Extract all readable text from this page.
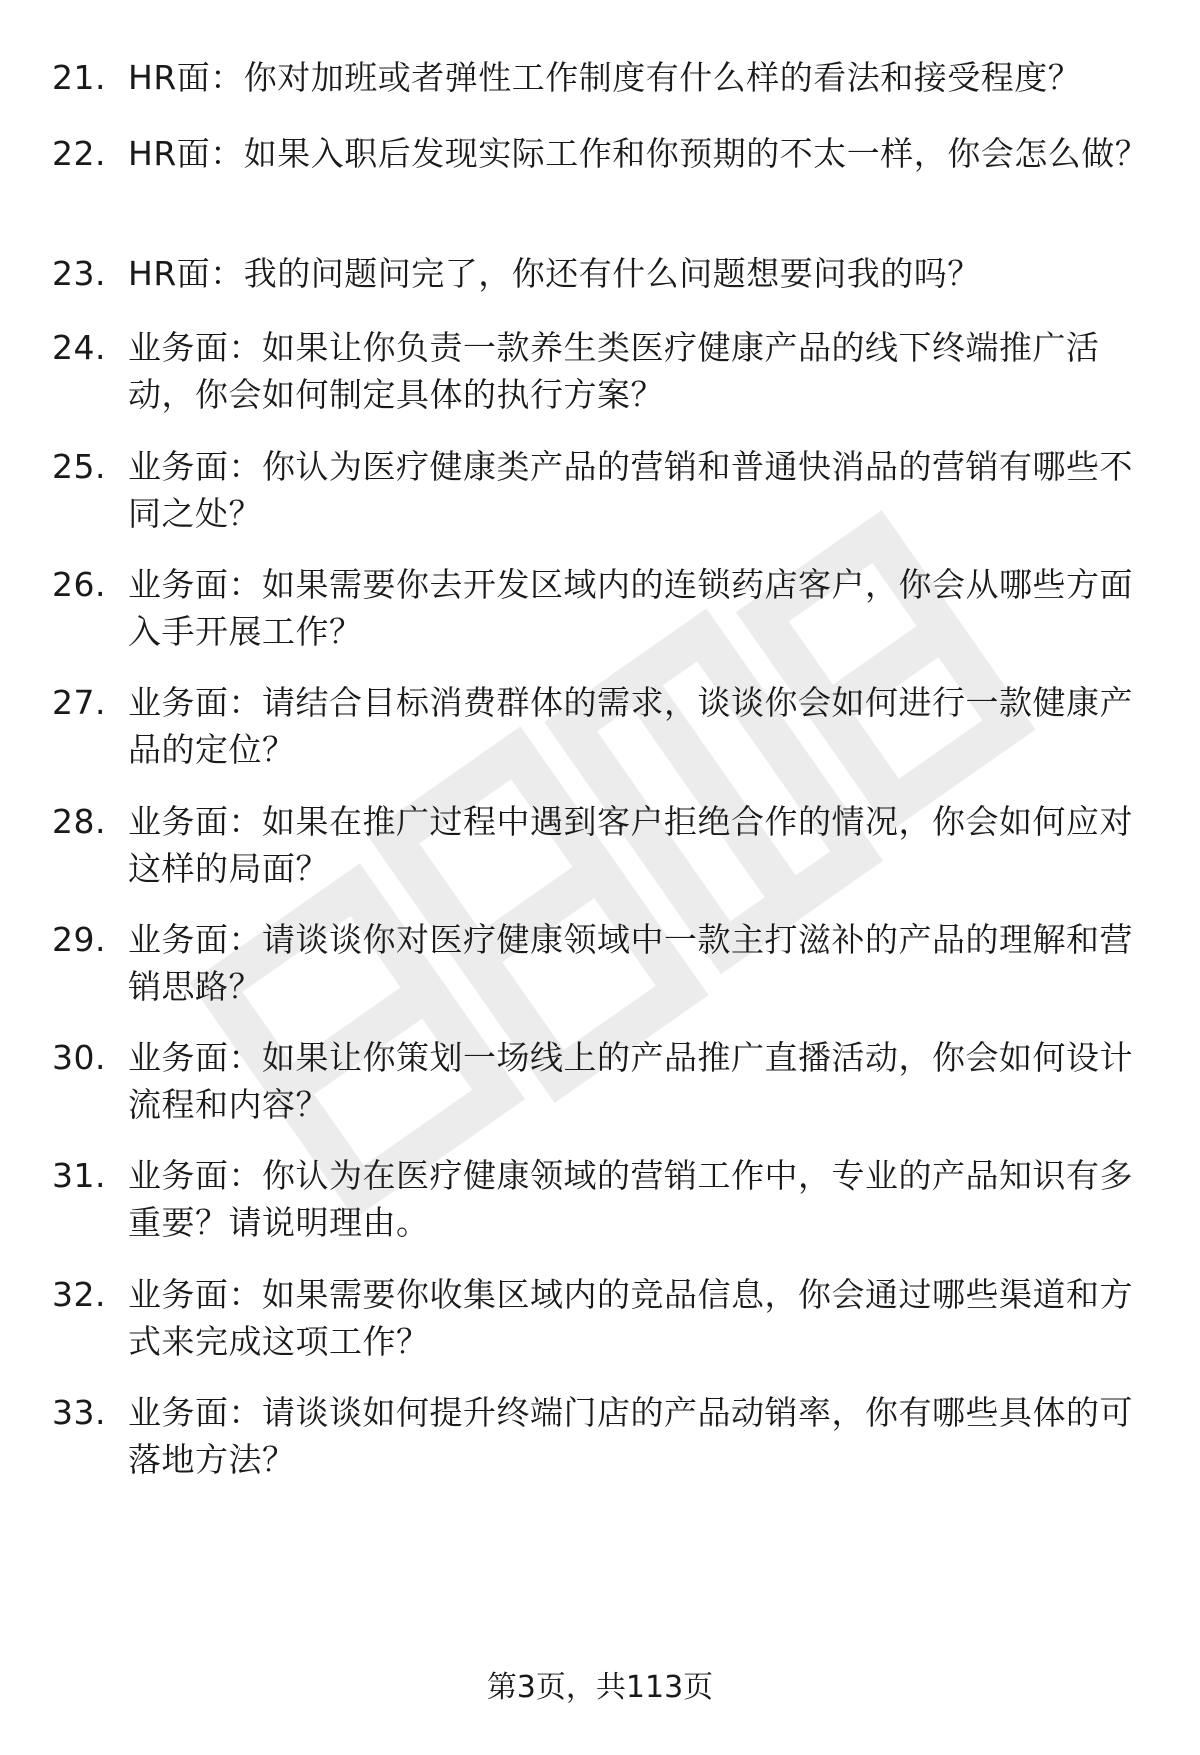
21. HR面：你对加班或者弹性工作制度有什么样的看法和接受程度？
22. HR面：如果入职后发现实际工作和你预期的不太一样，你会怎么做？
23. HR面：我的问题问完了，你还有什么问题想要问我的吗？
24. 业务面：如果让你负责一款养生类医疗健康产品的线下终端推广活动，你会如何制定具体的执行方案？
25. 业务面：你认为医疗健康类产品的营销和普通快消品的营销有哪些不同之处？
26. 业务面：如果需要你去开发区域内的连锁药店客户，你会从哪些方面入手开展工作？
27. 业务面：请结合目标消费群体的需求，谈谈你会如何进行一款健康产品的定位？
28. 业务面：如果在推广过程中遇到客户拒绝合作的情况，你会如何应对这样的局面？
29. 业务面：请谈谈你对医疗健康领域中一款主打滋补的产品的理解和营销思路？
30. 业务面：如果让你策划一场线上的产品推广直播活动，你会如何设计流程和内容？
31. 业务面：你认为在医疗健康领域的营销工作中，专业的产品知识有多重要？请说明理由。
32. 业务面：如果需要你收集区域内的竞品信息，你会通过哪些渠道和方式来完成这项工作？
33. 业务面：请谈谈如何提升终端门店的产品动销率，你有哪些具体的可落地方法？
第3页，共113页
